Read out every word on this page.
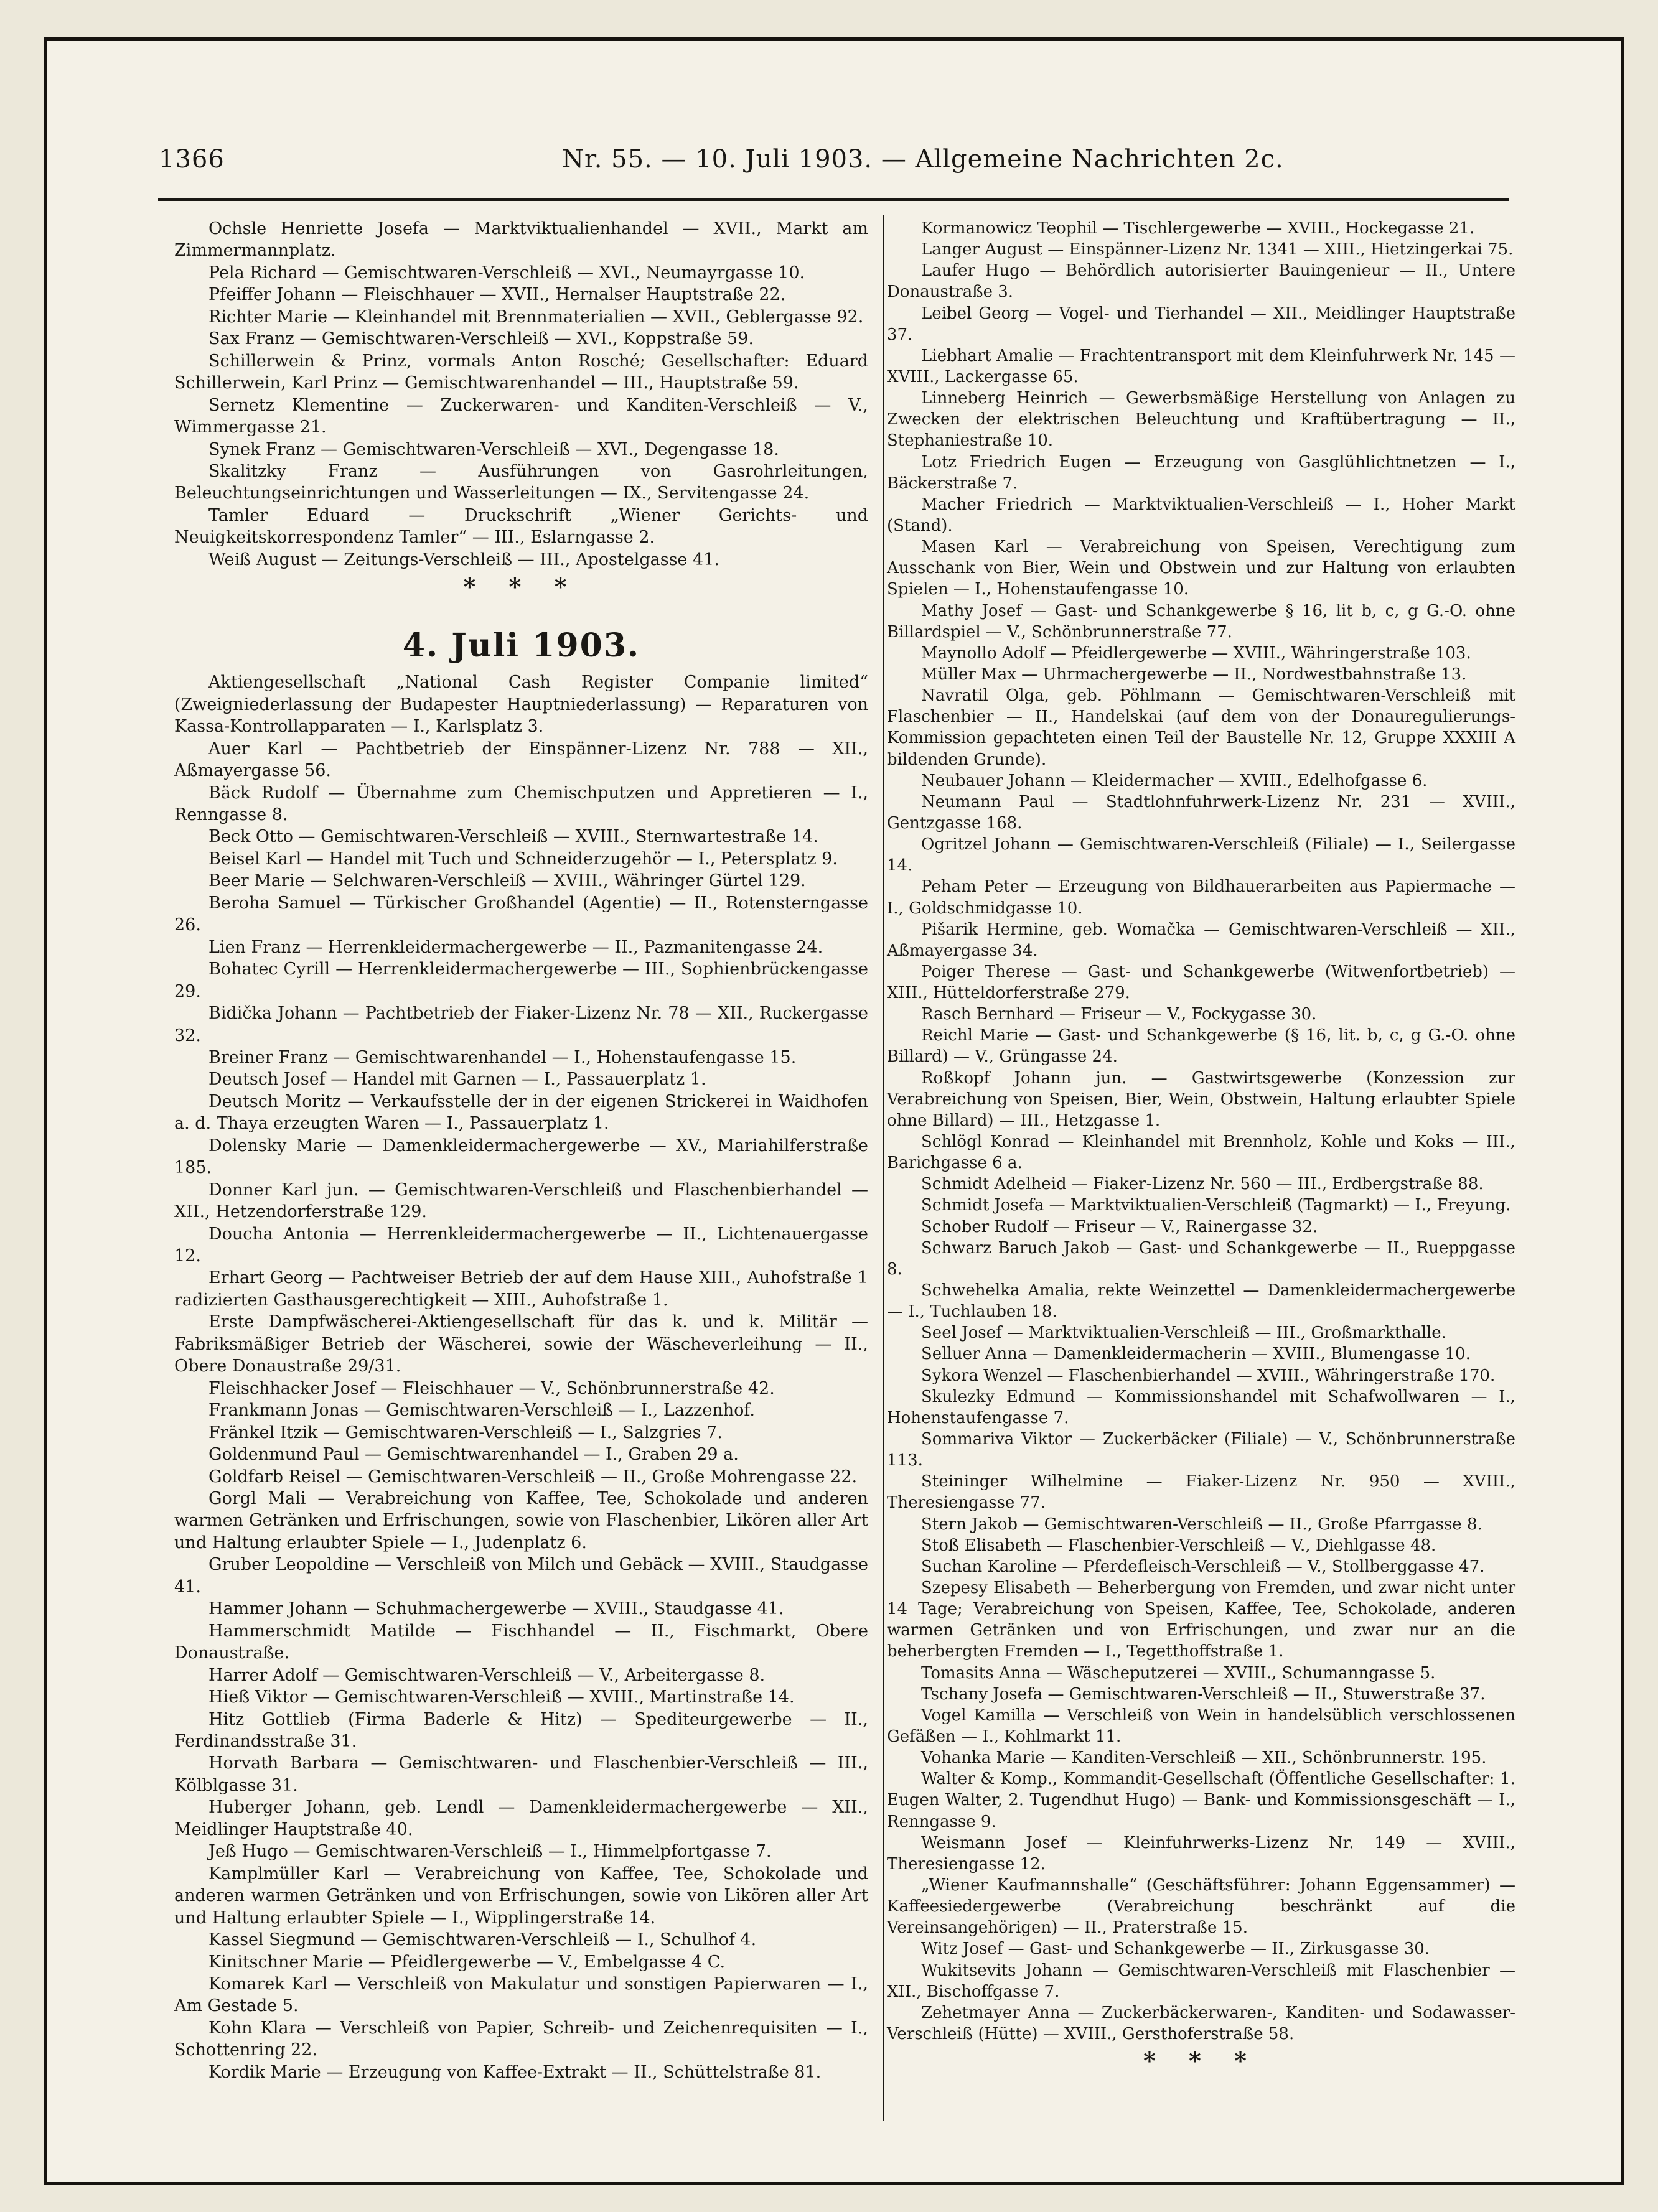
1366	Nr. 55. — 10. Juli 1903. — Allgemeine Nachrichten 2c.

Ochsle Henriette Josefa — Marktviktualienhandel — XVII., Markt am Zimmermannplatz.

Pela Richard — Gemischtwaren-Verschleiß — XVI., Neumayrgasse 10.

Pfeiffer Johann — Fleischhauer — XVII., Hernalser Hauptstraße 22.

Richter Marie — Kleinhandel mit Brennmaterialien — XVII., Geblergasse 92.

Sax Franz — Gemischtwaren-Verschleiß — XVI., Koppstraße 59.

Schillerwein & Prinz, vormals Anton Rosché; Gesellschafter: Eduard Schillerwein, Karl Prinz — Gemischtwarenhandel — III., Hauptstraße 59.

Sernetz Klementine — Zuckerwaren- und Kanditen-Verschleiß — V., Wimmergasse 21.

Synek Franz — Gemischtwaren-Verschleiß — XVI., Degengasse 18.

Skalitzky Franz — Ausführungen von Gasrohrleitungen, Beleuchtungseinrichtungen und Wasserleitungen — IX., Servitengasse 24.

Tamler Eduard — Druckschrift „Wiener Gerichts- und Neuigkeitskorrespondenz Tamler“ — III., Eslarngasse 2.

Weiß August — Zeitungs-Verschleiß — III., Apostelgasse 41.

* * *
4. Juli 1903.

Aktiengesellschaft „National Cash Register Companie limited“ (Zweigniederlassung der Budapester Hauptniederlassung) — Reparaturen von Kassa-Kontrollapparaten — I., Karlsplatz 3.

Auer Karl — Pachtbetrieb der Einspänner-Lizenz Nr. 788 — XII., Aßmayergasse 56.

Bäck Rudolf — Übernahme zum Chemischputzen und Appretieren — I., Renngasse 8.

Beck Otto — Gemischtwaren-Verschleiß — XVIII., Sternwartestraße 14.

Beisel Karl — Handel mit Tuch und Schneiderzugehör — I., Petersplatz 9.

Beer Marie — Selchwaren-Verschleiß — XVIII., Währinger Gürtel 129.

Beroha Samuel — Türkischer Großhandel (Agentie) — II., Rotensterngasse 26.

Lien Franz — Herrenkleidermachergewerbe — II., Pazmanitengasse 24.

Bohatec Cyrill — Herrenkleidermachergewerbe — III., Sophienbrückengasse 29.

Bidička Johann — Pachtbetrieb der Fiaker-Lizenz Nr. 78 — XII., Ruckergasse 32.

Breiner Franz — Gemischtwarenhandel — I., Hohenstaufengasse 15.

Deutsch Josef — Handel mit Garnen — I., Passauerplatz 1.

Deutsch Moritz — Verkaufsstelle der in der eigenen Strickerei in Waidhofen a. d. Thaya erzeugten Waren — I., Passauerplatz 1.

Dolensky Marie — Damenkleidermachergewerbe — XV., Mariahilferstraße 185.

Donner Karl jun. — Gemischtwaren-Verschleiß und Flaschenbierhandel — XII., Hetzendorferstraße 129.

Doucha Antonia — Herrenkleidermachergewerbe — II., Lichtenauergasse 12.

Erhart Georg — Pachtweiser Betrieb der auf dem Hause XIII., Auhofstraße 1 radizierten Gasthausgerechtigkeit — XIII., Auhofstraße 1.

Erste Dampfwäscherei-Aktiengesellschaft für das k. und k. Militär — Fabriksmäßiger Betrieb der Wäscherei, sowie der Wäscheverleihung — II., Obere Donaustraße 29/31.

Fleischhacker Josef — Fleischhauer — V., Schönbrunnerstraße 42.

Frankmann Jonas — Gemischtwaren-Verschleiß — I., Lazzenhof.

Fränkel Itzik — Gemischtwaren-Verschleiß — I., Salzgries 7.

Goldenmund Paul — Gemischtwarenhandel — I., Graben 29 a.

Goldfarb Reisel — Gemischtwaren-Verschleiß — II., Große Mohrengasse 22.

Gorgl Mali — Verabreichung von Kaffee, Tee, Schokolade und anderen warmen Getränken und Erfrischungen, sowie von Flaschenbier, Likören aller Art und Haltung erlaubter Spiele — I., Judenplatz 6.

Gruber Leopoldine — Verschleiß von Milch und Gebäck — XVIII., Staudgasse 41.

Hammer Johann — Schuhmachergewerbe — XVIII., Staudgasse 41.

Hammerschmidt Matilde — Fischhandel — II., Fischmarkt, Obere Donaustraße.

Harrer Adolf — Gemischtwaren-Verschleiß — V., Arbeitergasse 8.

Hieß Viktor — Gemischtwaren-Verschleiß — XVIII., Martinstraße 14.

Hitz Gottlieb (Firma Baderle & Hitz) — Speditеurgewerbe — II., Ferdinandsstraße 31.

Horvath Barbara — Gemischtwaren- und Flaschenbier-Verschleiß — III., Kölblgasse 31.

Huberger Johann, geb. Lendl — Damenkleidermachergewerbe — XII., Meidlinger Hauptstraße 40.

Jeß Hugo — Gemischtwaren-Verschleiß — I., Himmelpfortgasse 7.

Kamplmüller Karl — Verabreichung von Kaffee, Tee, Schokolade und anderen warmen Getränken und von Erfrischungen, sowie von Likören aller Art und Haltung erlaubter Spiele — I., Wipplingerstraße 14.

Kassel Siegmund — Gemischtwaren-Verschleiß — I., Schulhof 4.

Kinitschner Marie — Pfeidlergewerbe — V., Embelgasse 4 C.

Komarek Karl — Verschleiß von Makulatur und sonstigen Papierwaren — I., Am Gestade 5.

Kohn Klara — Verschleiß von Papier, Schreib- und Zeichenrequisiten — I., Schottenring 22.

Kordik Marie — Erzeugung von Kaffee-Extrakt — II., Schüttelstraße 81.

Kormanowicz Teophil — Tischlergewerbe — XVIII., Hockegasse 21.

Langer August — Einspänner-Lizenz Nr. 1341 — XIII., Hietzingerkai 75.

Laufer Hugo — Behördlich autorisierter Bauingenieur — II., Untere Donaustraße 3.

Leibel Georg — Vogel- und Tierhandel — XII., Meidlinger Hauptstraße 37.

Liebhart Amalie — Frachtentransport mit dem Kleinfuhrwerk Nr. 145 — XVIII., Lackergasse 65.

Linneberg Heinrich — Gewerbsmäßige Herstellung von Anlagen zu Zwecken der elektrischen Beleuchtung und Kraftübertragung — II., Stephaniestraße 10.

Lotz Friedrich Eugen — Erzeugung von Gasglühlichtnetzen — I., Bäckerstraße 7.

Macher Friedrich — Marktviktualien-Verschleiß — I., Hoher Markt (Stand).

Masen Karl — Verabreichung von Speisen, Verechtigung zum Ausschank von Bier, Wein und Obstwein und zur Haltung von erlaubten Spielen — I., Hohenstaufengasse 10.

Mathy Josef — Gast- und Schankgewerbe § 16, lit b, c, g G.-O. ohne Billardspiel — V., Schönbrunnerstraße 77.

Maynollo Adolf — Pfeidlergewerbe — XVIII., Währingerstraße 103.

Müller Max — Uhrmachergewerbe — II., Nordwestbahnstraße 13.

Navratil Olga, geb. Pöhlmann — Gemischtwaren-Verschleiß mit Flaschenbier — II., Handelskai (auf dem von der Donauregulierungs-Kommission gepachteten einen Teil der Baustelle Nr. 12, Gruppe XXXIII A bildenden Grunde).

Neubauer Johann — Kleidermacher — XVIII., Edelhofgasse 6.

Neumann Paul — Stadtlohnfuhrwerk-Lizenz Nr. 231 — XVIII., Gentzgasse 168.

Ogritzel Johann — Gemischtwaren-Verschleiß (Filiale) — I., Seilergasse 14.

Peham Peter — Erzeugung von Bildhauerarbeiten aus Papiermache — I., Goldschmidgasse 10.

Pišarik Hermine, geb. Womačka — Gemischtwaren-Verschleiß — XII., Aßmayergasse 34.

Poiger Therese — Gast- und Schankgewerbe (Witwenfortbetrieb) — XIII., Hütteldorferstraße 279.

Rasch Bernhard — Friseur — V., Fockygasse 30.

Reichl Marie — Gast- und Schankgewerbe (§ 16, lit. b, c, g G.-O. ohne Billard) — V., Grüngasse 24.

Roßkopf Johann jun. — Gastwirtsgewerbe (Konzession zur Verabreichung von Speisen, Bier, Wein, Obstwein, Haltung erlaubter Spiele ohne Billard) — III., Hetzgasse 1.

Schlögl Konrad — Kleinhandel mit Brennholz, Kohle und Koks — III., Barichgasse 6 a.

Schmidt Adelheid — Fiaker-Lizenz Nr. 560 — III., Erdbergstraße 88.

Schmidt Josefa — Marktviktualien-Verschleiß (Tagmarkt) — I., Freyung.

Schober Rudolf — Friseur — V., Rainergasse 32.

Schwarz Baruch Jakob — Gast- und Schankgewerbe — II., Rueppgasse 8.

Schwehelka Amalia, rekte Weinzettel — Damenkleidermachergewerbe — I., Tuchlauben 18.

Seel Josef — Marktviktualien-Verschleiß — III., Großmarkthalle.

Selluer Anna — Damenkleidermacherin — XVIII., Blumengasse 10.

Sykora Wenzel — Flaschenbierhandel — XVIII., Währingerstraße 170.

Skulezky Edmund — Kommissionshandel mit Schafwollwaren — I., Hohenstaufengasse 7.

Sommariva Viktor — Zuckerbäcker (Filiale) — V., Schönbrunnerstraße 113.

Steininger Wilhelmine — Fiaker-Lizenz Nr. 950 — XVIII., Theresiengasse 77.

Stern Jakob — Gemischtwaren-Verschleiß — II., Große Pfarrgasse 8.

Stoß Elisabeth — Flaschenbier-Verschleiß — V., Diehlgasse 48.

Suchan Karoline — Pferdefleisch-Verschleiß — V., Stollberggasse 47.

Szepesy Elisabeth — Beherbergung von Fremden, und zwar nicht unter 14 Tage; Verabreichung von Speisen, Kaffee, Tee, Schokolade, anderen warmen Getränken und von Erfrischungen, und zwar nur an die beherbergten Fremden — I., Tegetthoffstraße 1.

Tomasits Anna — Wäscheputzerei — XVIII., Schumanngasse 5.

Tschany Josefa — Gemischtwaren-Verschleiß — II., Stuwerstraße 37.

Vogel Kamilla — Verschleiß von Wein in handelsüblich verschlossenen Gefäßen — I., Kohlmarkt 11.

Vohanka Marie — Kanditen-Verschleiß — XII., Schönbrunnerstr. 195.

Walter & Komp., Kommandit-Gesellschaft (Öffentliche Gesellschafter: 1. Eugen Walter, 2. Tugendhut Hugo) — Bank- und Kommissionsgeschäft — I., Renngasse 9.

Weismann Josef — Kleinfuhrwerks-Lizenz Nr. 149 — XVIII., Theresiengasse 12.

„Wiener Kaufmannshalle“ (Geschäftsführer: Johann Eggensammer) — Kaffeesiedergewerbe (Verabreichung beschränkt auf die Vereinsangehörigen) — II., Praterstraße 15.

Witz Josef — Gast- und Schankgewerbe — II., Zirkusgasse 30.

Wukitsevits Johann — Gemischtwaren-Verschleiß mit Flaschenbier — XII., Bischoffgasse 7.

Zehetmayer Anna — Zuckerbäckerwaren-, Kanditen- und Sodawasser-Verschleiß (Hütte) — XVIII., Gersthoferstraße 58.

* * *
